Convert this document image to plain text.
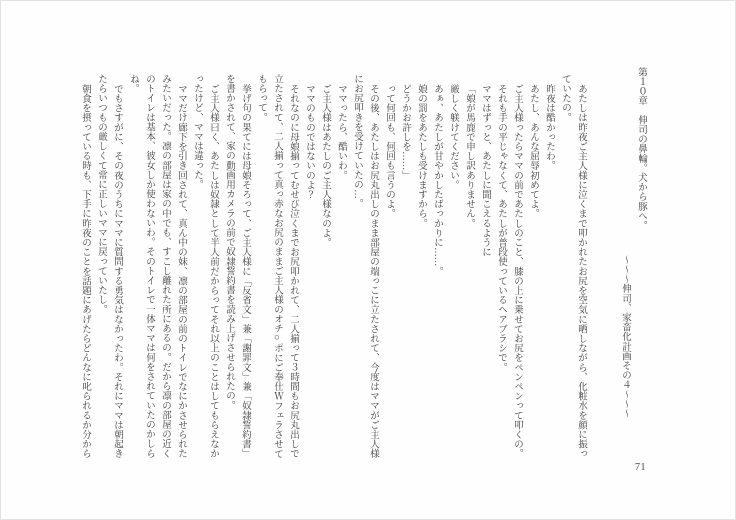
第１０章　伸司の鼻輪。犬から豚へ。
～～～伸司、家畜化計画その４～～～
あたしは昨夜ご主人様に泣くまで叩かれたお尻を空気に晒しながら、化粧水を顔に振っ
ていたの。
昨夜は酷かったわ。
あたし、あんな屈辱初めてよ。
ご主人様ったらママの前であたしのこと、膝の上に乗せてお尻をペンペンって叩くの。
それも手の平じゃなくて、あたしが普段使っているヘアブラシで。
ママはずっと、あたしに聞こえるように
「娘が馬鹿で申し訳ありません。
厳しく躾けてください。
あぁ、あたしが甘やかしたばっかりに……。
娘の罰をあたしも受けますから。
どうかお許しを……」
って何回も、何回も言うのよ。
その後、あたしはお尻丸出しのまま部屋の端っこに立たされて、今度はママがご主人様
にお尻叩きを受けていたの…。
ママったら、酷いわ。
ご主人様はあたしのご主人様なのよ。
ママのものではないのよ？
それなのに母娘揃ってむせび泣くまでお尻叩かれて、二人揃って３時間もお尻丸出しで
立たされて、二人揃って真っ赤なお尻のままご主人様のオチ○ポにご奉仕Ｗフェラさせて
もらって。
挙げ句の果てには母娘そろって、ご主人様に「反省文」兼「謝罪文」兼「奴隷誓約書」
を書かされて、家の動画用カメラの前で奴隷誓約書を読み上げさせられたの。
ご主人様曰く、あたしは奴隷として半人前だからってそれ以上のことはしてもらえなか
ったけど、ママは違った。
ママだけ廊下を引き回されて、真ん中の妹、凛の部屋の前のトイレでなにかさせられた
みたいだった。凛の部屋は家の中でも、すこし離れた所にあるの。だから凛の部屋の近く
のトイレは基本、彼女しか使わないわ。そのトイレで一体ママは何をされていたのかしら
ね。
でもさすがに、その夜のうちにママに質問する勇気はなかったわ。それにママは朝起き
たらいつもの厳しくて常に正しいママに戻っていたし。
朝食を摂っている時も、下手に昨夜のことを話題にあげたらどんなに叱られるか分から
71
